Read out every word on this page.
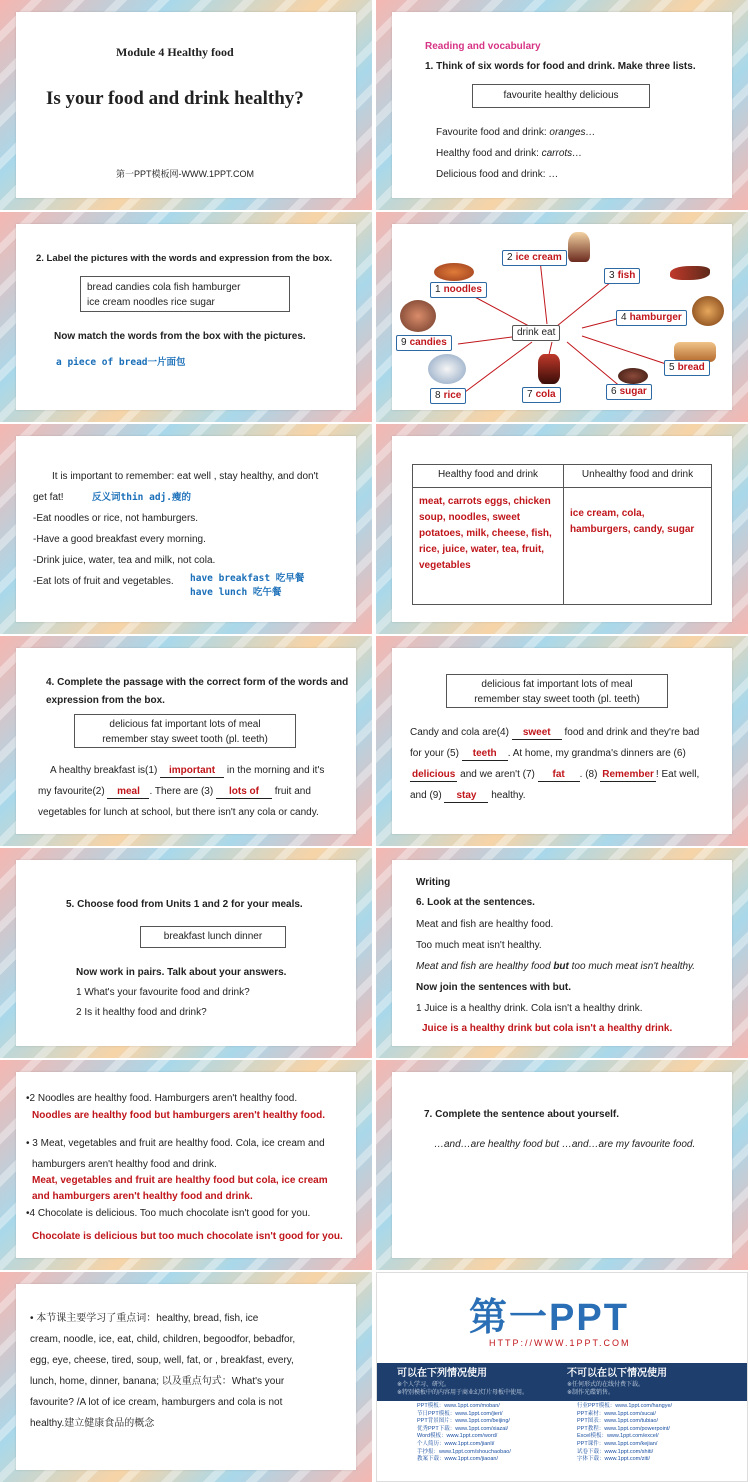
Module 4 Healthy food
Is your food and drink healthy?
第一PPT模板网-WWW.1PPT.COM
Reading and vocabulary
1. Think of six words for food and drink. Make three lists.
favourite healthy delicious
Favourite food and drink: oranges…
Healthy food and drink: carrots…
Delicious food and drink: …
2. Label the pictures with the words and expression from the box.
bread candies cola fish hamburger
ice cream noodles rice sugar
Now match the words from the box with the pictures.
a piece of bread一片面包
drink eat
1 noodles
2 ice cream
3 fish
4 hamburger
5 bread
6 sugar
7 cola
8 rice
9 candies
It is important to remember: eat well , stay healthy, and don't
get fat!	反义词thin adj.瘦的
-Eat noodles or rice, not hamburgers.
-Have a good breakfast every morning.
-Drink juice, water, tea and milk, not cola.
-Eat lots of fruit and vegetables. have breakfast 吃早餐
have lunch 吃午餐
Healthy food and drink	Unhealthy food and drink
meat, carrots eggs, chicken soup, noodles, sweet potatoes, milk, cheese, fish, rice, juice, water, tea, fruit, vegetables	ice cream, cola, hamburgers, candy, sugar
4. Complete the passage with the correct form of the words and
expression from the box.
delicious fat important lots of meal
remember stay sweet tooth (pl. teeth)
A healthy breakfast is(1) important in the morning and it's
my favourite(2) meal . There are (3) lots of fruit and
vegetables for lunch at school, but there isn't any cola or candy.
delicious fat important lots of meal
remember stay sweet tooth (pl. teeth)
Candy and cola are(4) sweet food and drink and they're bad
for your (5) teeth . At home, my grandma's dinners are (6)
delicious and we aren't (7) fat . (8) Remember ! Eat well,
and (9) stay healthy.
5. Choose food from Units 1 and 2 for your meals.
breakfast lunch dinner
Now work in pairs. Talk about your answers.
1 What's your favourite food and drink?
2 Is it healthy food and drink?
Writing
6. Look at the sentences.
Meat and fish are healthy food.
Too much meat isn't healthy.
Meat and fish are healthy food but too much meat isn't healthy.
Now join the sentences with but.
1 Juice is a healthy drink. Cola isn't a healthy drink.
Juice is a healthy drink but cola isn't a healthy drink.
•2 Noodles are healthy food. Hamburgers aren't healthy food.
Noodles are healthy food but hamburgers aren't healthy food.
• 3 Meat, vegetables and fruit are healthy food. Cola, ice cream and
hamburgers aren't healthy food and drink.
Meat, vegetables and fruit are healthy food but cola, ice cream
and hamburgers aren't healthy food and drink.
•4 Chocolate is delicious. Too much chocolate isn't good for you.
Chocolate is delicious but too much chocolate isn't good for you.
7. Complete the sentence about yourself.
…and…are healthy food but …and…are my favourite food.
• 本节课主要学习了重点词：healthy, bread, fish, ice
cream, noodle, ice, eat, child, children, begoodfor, bebadfor,
egg, eye, cheese, tired, soup, well, fat, or , breakfast, every,
lunch, home, dinner, banana; 以及重点句式：What's your
favourite? /A lot of ice cream, hamburgers and cola is not
healthy.建立健康食品的概念
第一PPT
HTTP://WWW.1PPT.COM
可以在下列情况使用
※个人学习、研究。
※特别模板中的内容用于商业幻灯片母板中使用。
不可以在以下情况使用
※任何形式的在线付费下载。
※制作光碟销售。
PPT模板：www.1ppt.com/moban/
节日PPT模板：www.1ppt.com/jieri/
PPT背景图片：www.1ppt.com/beijing/
优秀PPT下载：www.1ppt.com/xiazai/
Word模板：www.1ppt.com/word/
个人简历：www.1ppt.com/jianli/
手抄报：www.1ppt.com/shouchaobao/
教案下载：www.1ppt.com/jiaoan/
行业PPT模板：www.1ppt.com/hangye/
PPT素材：www.1ppt.com/sucai/
PPT图表：www.1ppt.com/tubiao/
PPT教程：www.1ppt.com/powerpoint/
Excel模板：www.1ppt.com/excel/
PPT课件：www.1ppt.com/kejian/
试卷下载：www.1ppt.com/shiti/
字体下载：www.1ppt.com/ziti/
